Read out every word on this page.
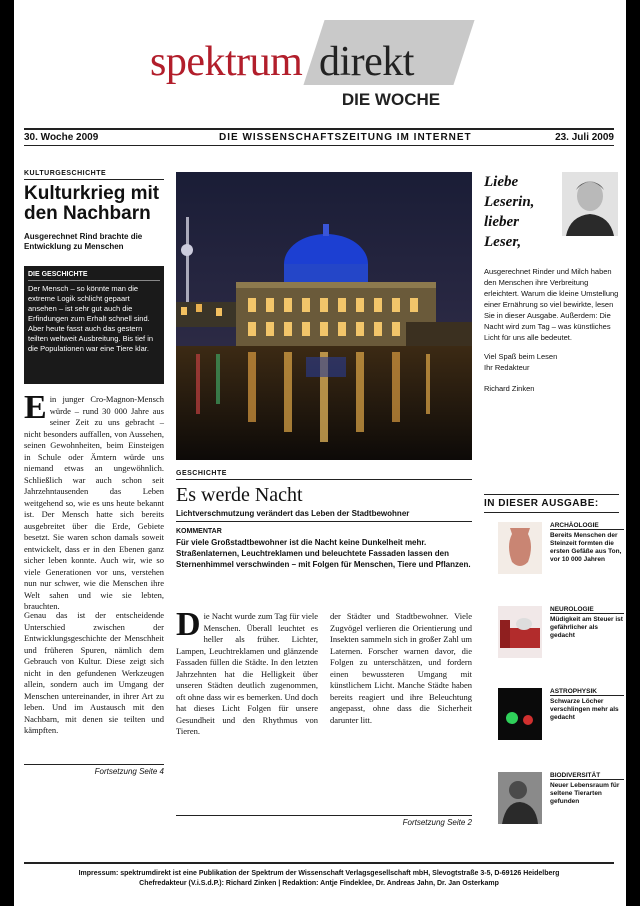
spektrum direkt
DIE WOCHE
30. Woche 2009	DIE WISSENSCHAFTSZEITUNG IM INTERNET	23. Juli 2009
KULTURGESCHICHTE
Kulturkrieg mit den Nachbarn
Ausgerechnet Rind brachte die Entwicklung zu Menschen
DIE GESCHICHTE
Der Mensch – so könnte man die extreme Logik schlicht gepaart ansehen – ist sehr gut auch die Erfindungen zum Erhalt schnell sind. Aber heute fasst auch das gestern teilten weltweit Ausbreitung. Bis tief in die Populationen war eine Tiere klar.
E in junger Cro-Magnon-Mensch würde – rund 30 000 Jahre aus seiner Zeit zu uns gebracht – nicht besonders auffallen, von Aussehen, seinen Gewohnheiten, beim Einsteigen in Schule oder Ämtern würde uns niemand etwas an ungewöhnlich. Schließlich war auch schon seit Jahrzehntausenden das Leben weitgehend so, wie es uns heute bekannt ist. Der Mensch hatte sich bereits ausgebreitet über die Erde, Gebiete besetzt. Sie waren schon damals soweit entwickelt, dass er in den Ebenen ganz sicher leben konnte. Auch wir, wie so viele Generationen vor uns, verstehen nun nur schwer, wie die Menschen ihre Welt sahen und wie sie lebten, brauchten.
Genau das ist der entscheidende Unterschied zwischen der Entwicklungsgeschichte der Menschheit und früheren Spuren, nämlich dem Gebrauch von Kultur. Diese zeigt sich nicht in den gefundenen Werkzeugen allein, sondern auch im Umgang der Menschen untereinander, in ihrer Art zu leben. Und im Austausch mit den Nachbarn, mit denen sie teilten und kämpften.
Fortsetzung Seite 4
GESCHICHTE
Es werde Nacht
Lichtverschmutzung verändert das Leben der Stadtbewohner
KOMMENTAR
Für viele Großstadtbewohner ist die Nacht keine Dunkelheit mehr. Straßenlaternen, Leuchtreklamen und beleuchtete Fassaden lassen den Sternenhimmel verschwinden – mit Folgen für Menschen, Tiere und Pflanzen.
D ie Nacht wurde zum Tag für viele Menschen. Überall leuchtet es heller als früher. Lichter, Lampen, Leuchtreklamen und glänzende Fassaden füllen die Städte. In den letzten Jahrzehnten hat die Helligkeit über unseren Städten deutlich zugenommen, oft ohne dass wir es bemerken. Und doch hat dieses Licht Folgen für unsere Gesundheit und den Rhythmus von Tieren.
der Städter und Stadtbewohner. Viele Zugvögel verlieren die Orientierung und Insekten sammeln sich in großer Zahl um Laternen. Forscher warnen davor, die Folgen zu unterschätzen, und fordern einen bewussteren Umgang mit künstlichem Licht. Manche Städte haben bereits reagiert und ihre Beleuchtung angepasst, ohne dass die Sicherheit darunter litt.
Fortsetzung Seite 2
Liebe Leserin, lieber Leser,
Ausgerechnet Rinder und Milch haben den Menschen ihre Verbreitung erleichtert. Warum die kleine Umstellung einer Ernährung so viel bewirkte, lesen Sie in dieser Ausgabe. Außerdem: Die Nacht wird zum Tag – was künstliches Licht für uns alle bedeutet.
Viel Spaß beim Lesen
Ihr Redakteur
Richard Zinken
IN DIESER AUSGABE:
ARCHÄOLOGIE
Bereits Menschen der Steinzeit formten die ersten Gefäße aus Ton, vor 10 000 Jahren
NEUROLOGIE
Müdigkeit am Steuer ist gefährlicher als gedacht
ASTROPHYSIK
Schwarze Löcher verschlingen mehr als gedacht
BIODIVERSITÄT
Neuer Lebensraum für seltene Tierarten gefunden
Impressum: spektrumdirekt ist eine Publikation der Spektrum der Wissenschaft Verlagsgesellschaft mbH, Slevogtstraße 3-5, D-69126 Heidelberg
Chefredakteur (V.i.S.d.P.): Richard Zinken | Redaktion: Antje Findeklee, Dr. Andreas Jahn, Dr. Jan Osterkamp
